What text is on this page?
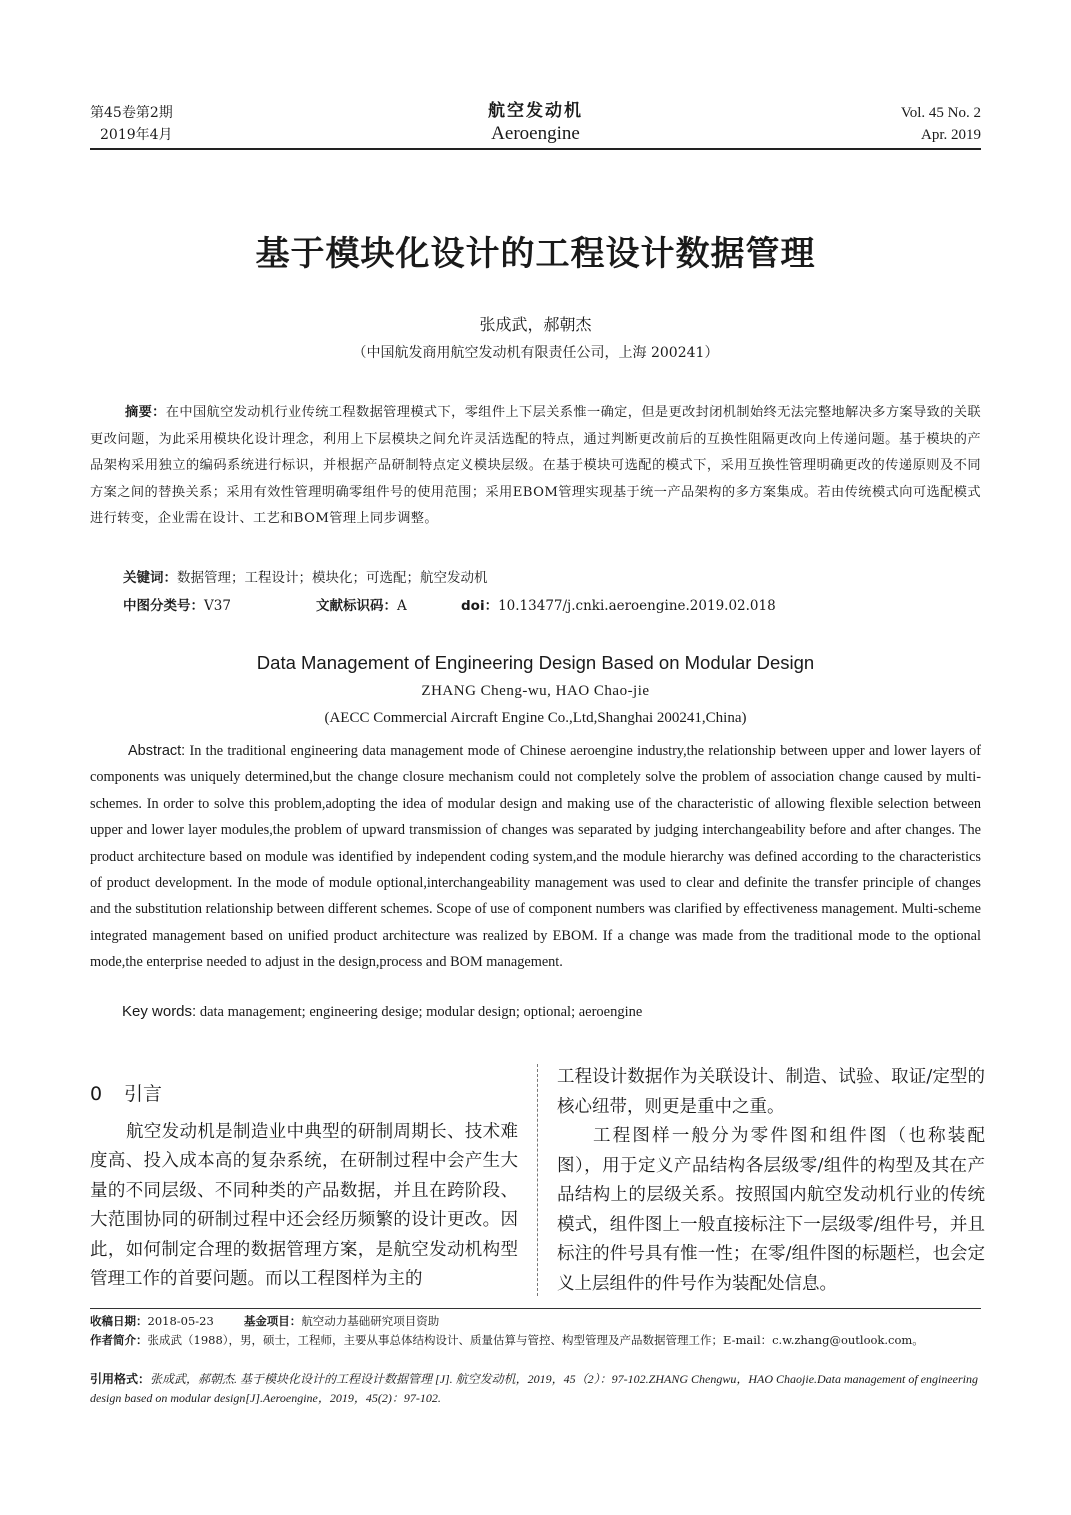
第45卷第2期
2019年4月
航空发动机
Aeroengine
Vol. 45 No. 2
Apr. 2019
基于模块化设计的工程设计数据管理
张成武，郝朝杰
（中国航发商用航空发动机有限责任公司，上海 200241）

摘要：在中国航空发动机行业传统工程数据管理模式下，零组件上下层关系惟一确定，但是更改封闭机制始终无法完整地解决多方案导致的关联更改问题，为此采用模块化设计理念，利用上下层模块之间允许灵活选配的特点，通过判断更改前后的互换性阻隔更改向上传递问题。基于模块的产品架构采用独立的编码系统进行标识，并根据产品研制特点定义模块层级。在基于模块可选配的模式下，采用互换性管理明确更改的传递原则及不同方案之间的替换关系；采用有效性管理明确零组件号的使用范围；采用EBOM管理实现基于统一产品架构的多方案集成。若由传统模式向可选配模式进行转变，企业需在设计、工艺和BOM管理上同步调整。

关键词：数据管理；工程设计；模块化；可选配；航空发动机
中图分类号：V37	文献标识码：A	doi：10.13477/j.cnki.aeroengine.2019.02.018
Data Management of Engineering Design Based on Modular Design
ZHANG Cheng-wu, HAO Chao-jie
(AECC Commercial Aircraft Engine Co.,Ltd,Shanghai 200241,China)

Abstract: In the traditional engineering data management mode of Chinese aeroengine industry,the relationship between upper and lower layers of components was uniquely determined,but the change closure mechanism could not completely solve the problem of association change caused by multi-schemes. In order to solve this problem,adopting the idea of modular design and making use of the characteristic of allowing flexible selection between upper and lower layer modules,the problem of upward transmission of changes was separated by judging interchangeability before and after changes. The product architecture based on module was identified by independent coding system,and the module hierarchy was defined according to the characteristics of product development. In the mode of module optional,interchangeability management was used to clear and definite the transfer principle of changes and the substitution relationship between different schemes. Scope of use of component numbers was clarified by effectiveness management. Multi-scheme integrated management based on unified product architecture was realized by EBOM. If a change was made from the traditional mode to the optional mode,the enterprise needed to adjust in the design,process and BOM management.

Key words: data management; engineering desige; modular design; optional; aeroengine

0 引言

航空发动机是制造业中典型的研制周期长、技术难度高、投入成本高的复杂系统，在研制过程中会产生大量的不同层级、不同种类的产品数据，并且在跨阶段、大范围协同的研制过程中还会经历频繁的设计更改。因此，如何制定合理的数据管理方案，是航空发动机构型管理工作的首要问题。而以工程图样为主的

工程设计数据作为关联设计、制造、试验、取证/定型的核心纽带，则更是重中之重。

工程图样一般分为零件图和组件图（也称装配图），用于定义产品结构各层级零/组件的构型及其在产品结构上的层级关系。按照国内航空发动机行业的传统模式，组件图上一般直接标注下一层级零/组件号，并且标注的件号具有惟一性；在零/组件图的标题栏，也会定义上层组件的件号作为装配处信息。

收稿日期：2018-05-23	基金项目：航空动力基础研究项目资助
作者简介：张成武（1988），男，硕士，工程师，主要从事总体结构设计、质量估算与管控、构型管理及产品数据管理工作；E-mail：c.w.zhang@outlook.com。
引用格式：张成武，郝朝杰. 基于模块化设计的工程设计数据管理 [J]. 航空发动机，2019，45（2）：97-102.ZHANG Chengwu，HAO Chaojie.Data management of engineering design based on modular design[J].Aeroengine，2019，45(2)：97-102.
